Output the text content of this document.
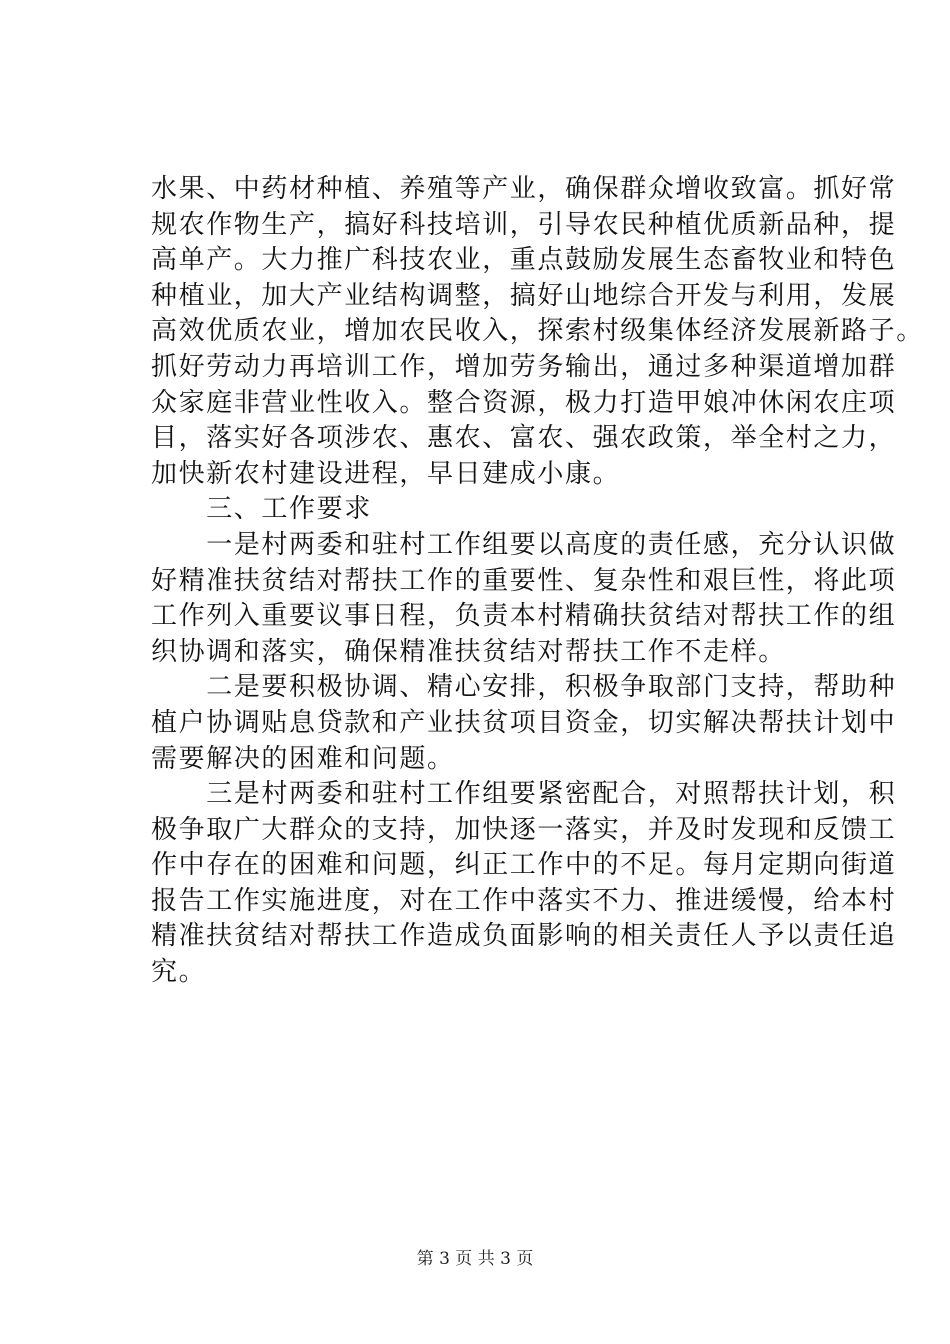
水果、中药材种植、养殖等产业，确保群众增收致富。抓好常
规农作物生产，搞好科技培训，引导农民种植优质新品种，提
高单产。大力推广科技农业，重点鼓励发展生态畜牧业和特色
种植业，加大产业结构调整，搞好山地综合开发与利用，发展
高效优质农业，增加农民收入，探索村级集体经济发展新路子。
抓好劳动力再培训工作，增加劳务输出，通过多种渠道增加群
众家庭非营业性收入。整合资源，极力打造甲娘冲休闲农庄项
目，落实好各项涉农、惠农、富农、强农政策，举全村之力，
加快新农村建设进程，早日建成小康。
　　三、工作要求
　　一是村两委和驻村工作组要以高度的责任感，充分认识做
好精准扶贫结对帮扶工作的重要性、复杂性和艰巨性，将此项
工作列入重要议事日程，负责本村精确扶贫结对帮扶工作的组
织协调和落实，确保精准扶贫结对帮扶工作不走样。
　　二是要积极协调、精心安排，积极争取部门支持，帮助种
植户协调贴息贷款和产业扶贫项目资金，切实解决帮扶计划中
需要解决的困难和问题。
　　三是村两委和驻村工作组要紧密配合，对照帮扶计划，积
极争取广大群众的支持，加快逐一落实，并及时发现和反馈工
作中存在的困难和问题，纠正工作中的不足。每月定期向街道
报告工作实施进度，对在工作中落实不力、推进缓慢，给本村
精准扶贫结对帮扶工作造成负面影响的相关责任人予以责任追
究。
第 3 页 共 3 页
